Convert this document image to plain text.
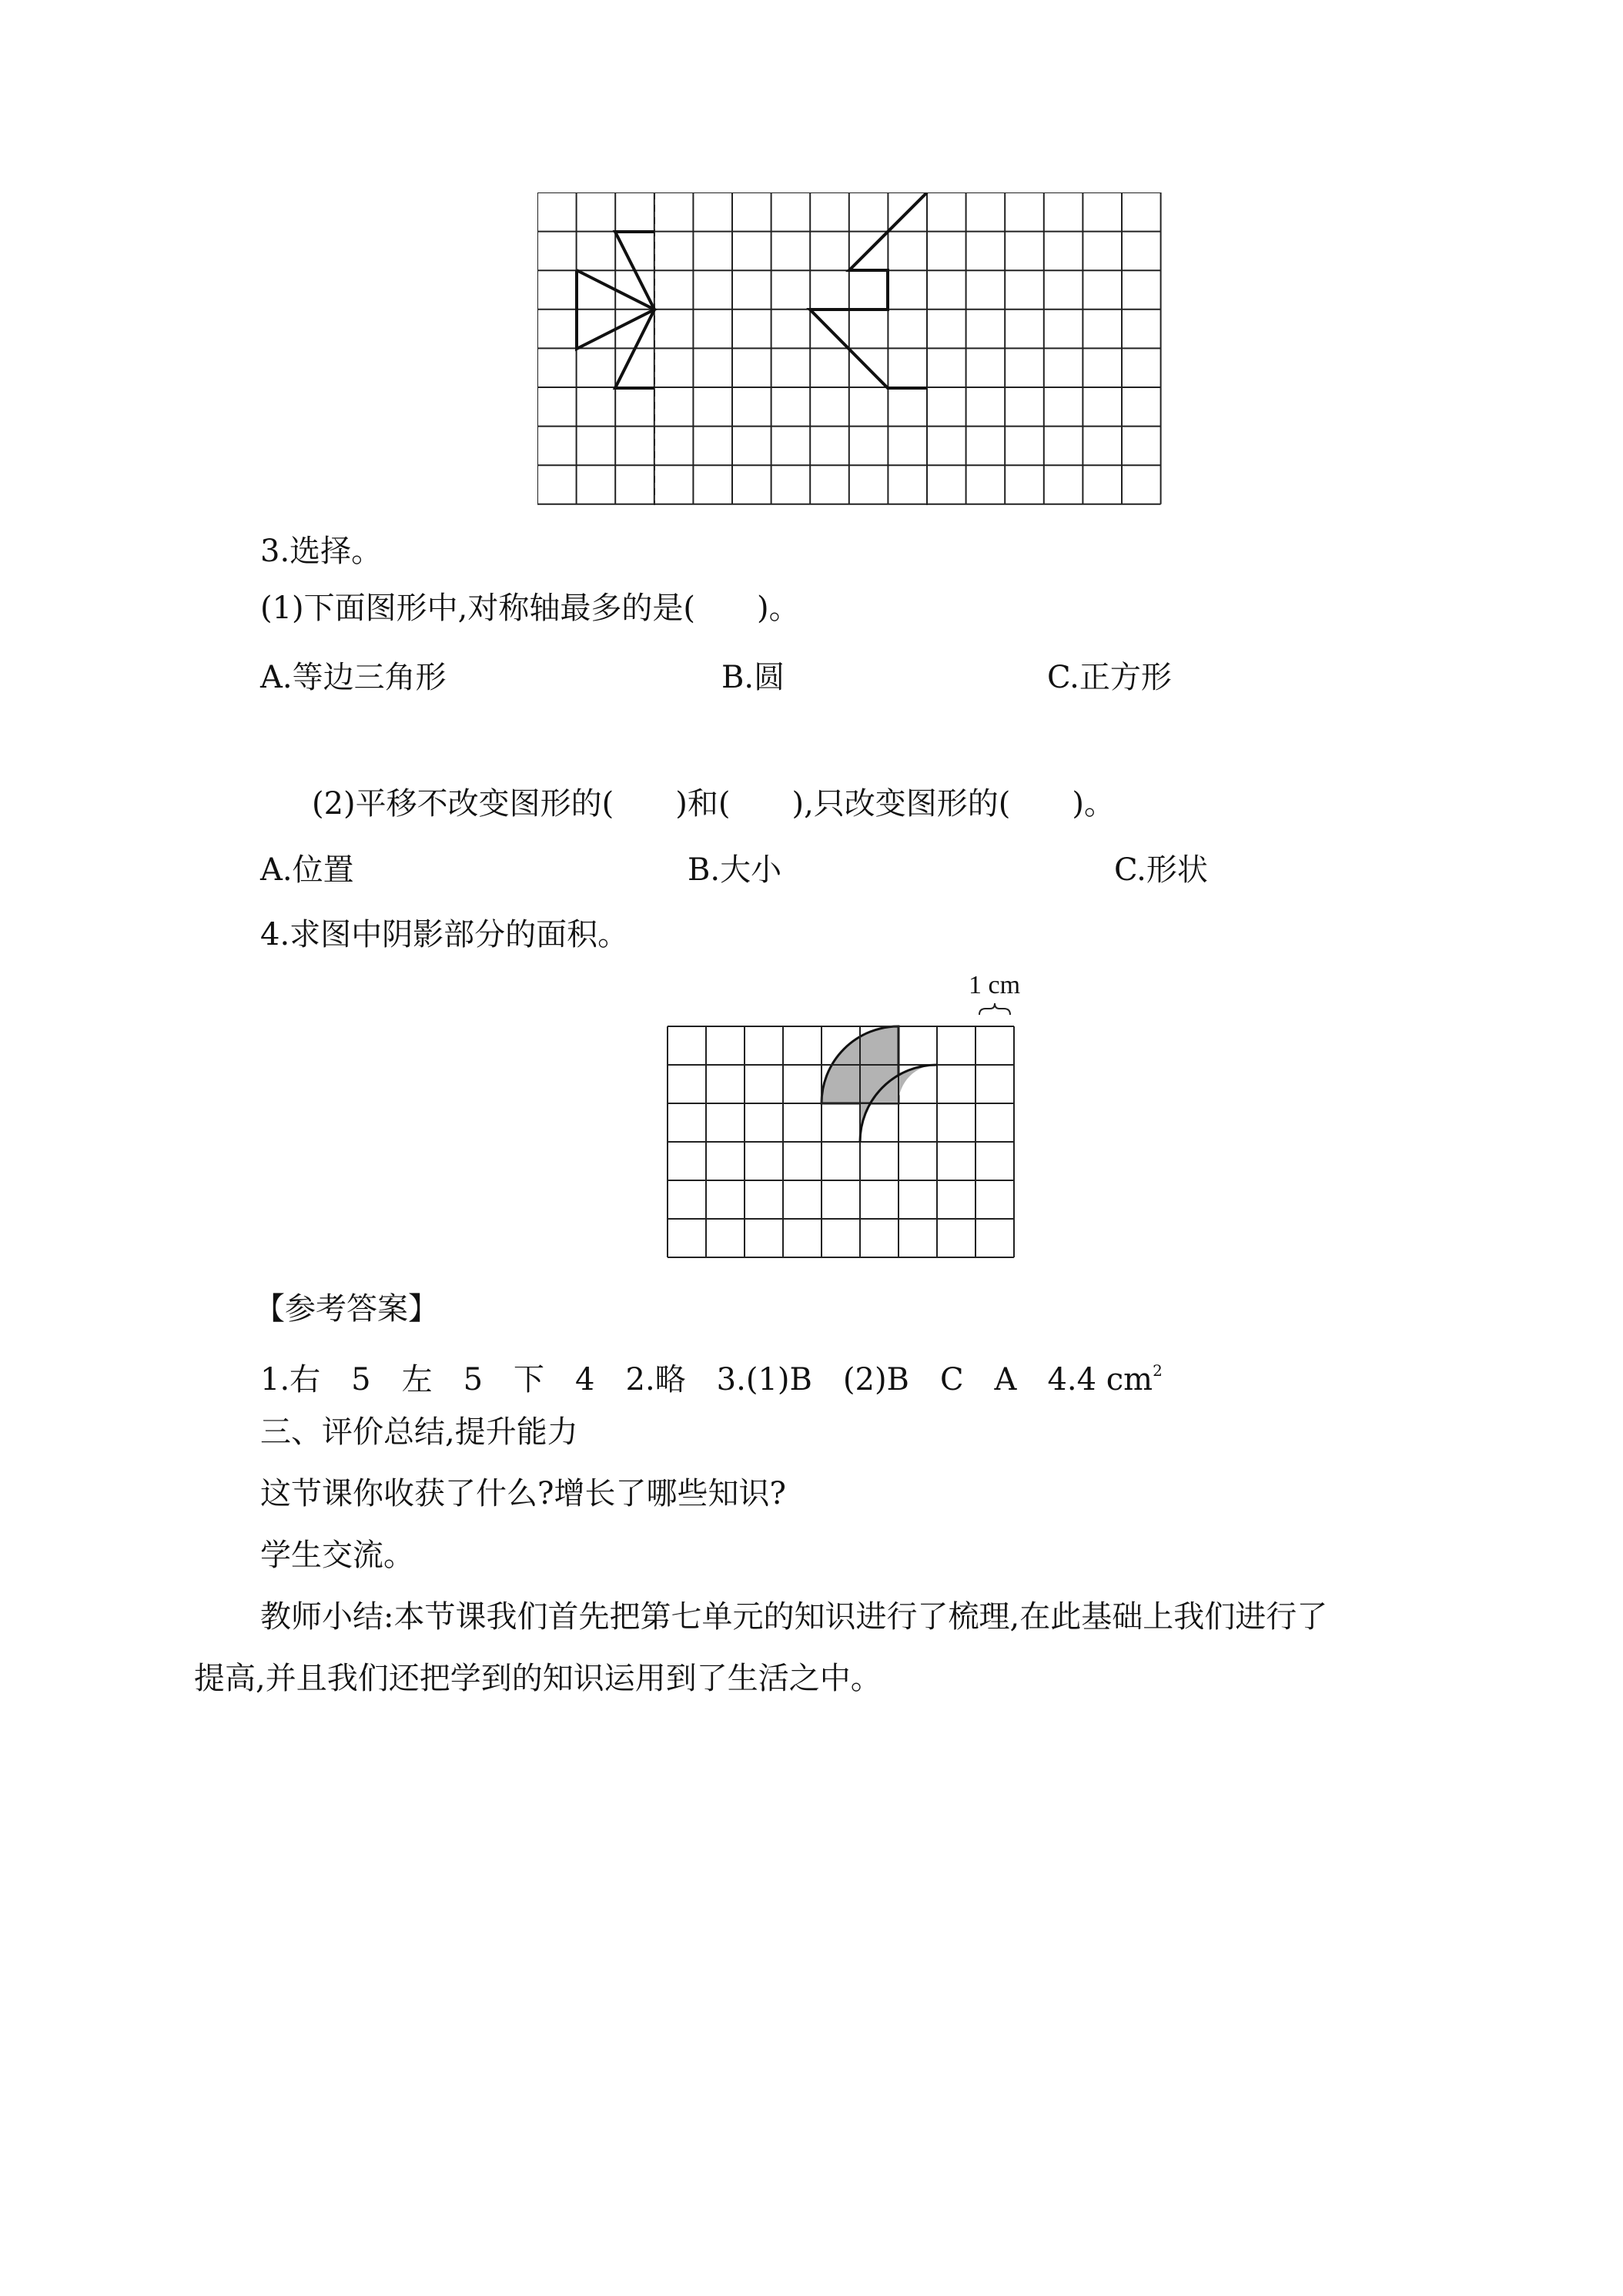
3.选择。
(1)下面图形中,对称轴最多的是(　　)。
A.等边三角形	B.圆	C.正方形
(2)平移不改变图形的(　　)和(　　),只改变图形的(　　)。
A.位置	B.大小	C.形状
4.求图中阴影部分的面积。
1 cm
【参考答案】
1.右　5　左　5　下　4　2.略　3.(1)B　(2)B　C　A　4.4 $cm^2$
三、评价总结,提升能力
这节课你收获了什么?增长了哪些知识?
学生交流。
教师小结:本节课我们首先把第七单元的知识进行了梳理,在此基础上我们进行了
提高,并且我们还把学到的知识运用到了生活之中。
